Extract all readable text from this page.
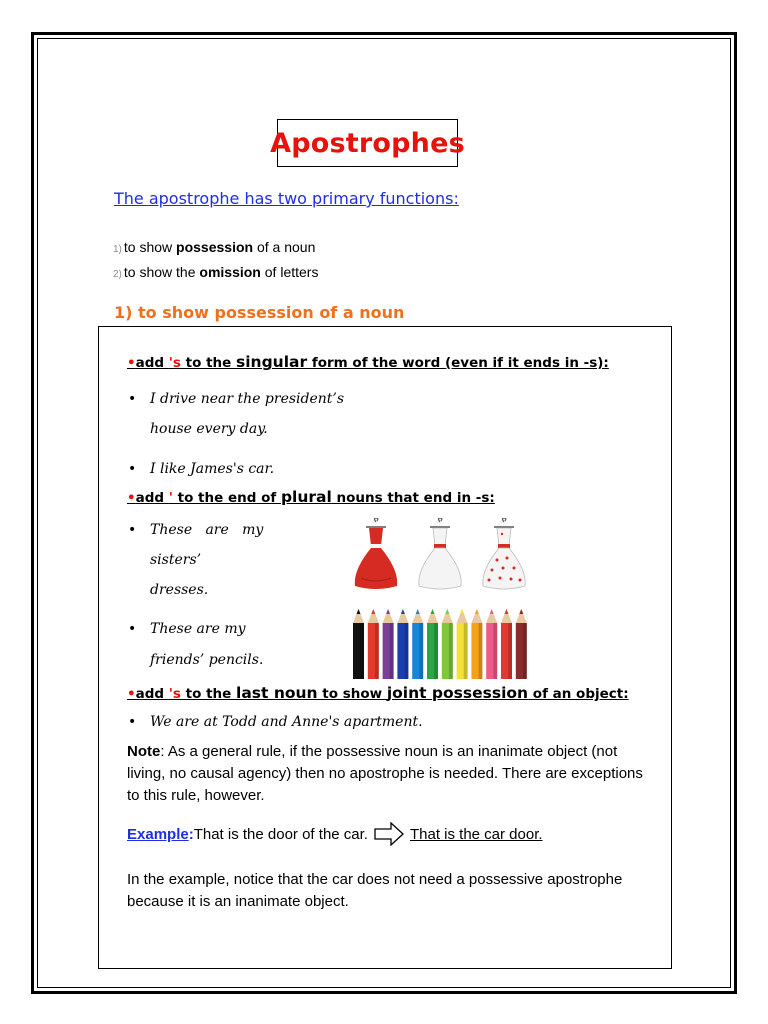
Apostrophes
The apostrophe has two primary functions:
1) to show possession of a noun
2) to show the omission of letters
1) to show possession of a noun
•add 's to the singular form of the word (even if it ends in -s):
• I drive near the president’s
house every day.
• I like James's car.
•add ' to the end of plural nouns that end in -s:
• These   are   my
sisters’
dresses.
• These are my
friends’ pencils.
•add 's to the last noun to show joint possession of an object:
• We are at Todd and Anne's apartment.
Note: As a general rule, if the possessive noun is an inanimate object (not living, no causal agency) then no apostrophe is needed. There are exceptions to this rule, however.
Example : That is the door of the car.	That is the car door.
In the example, notice that the car does not need a possessive apostrophe because it is an inanimate object.
